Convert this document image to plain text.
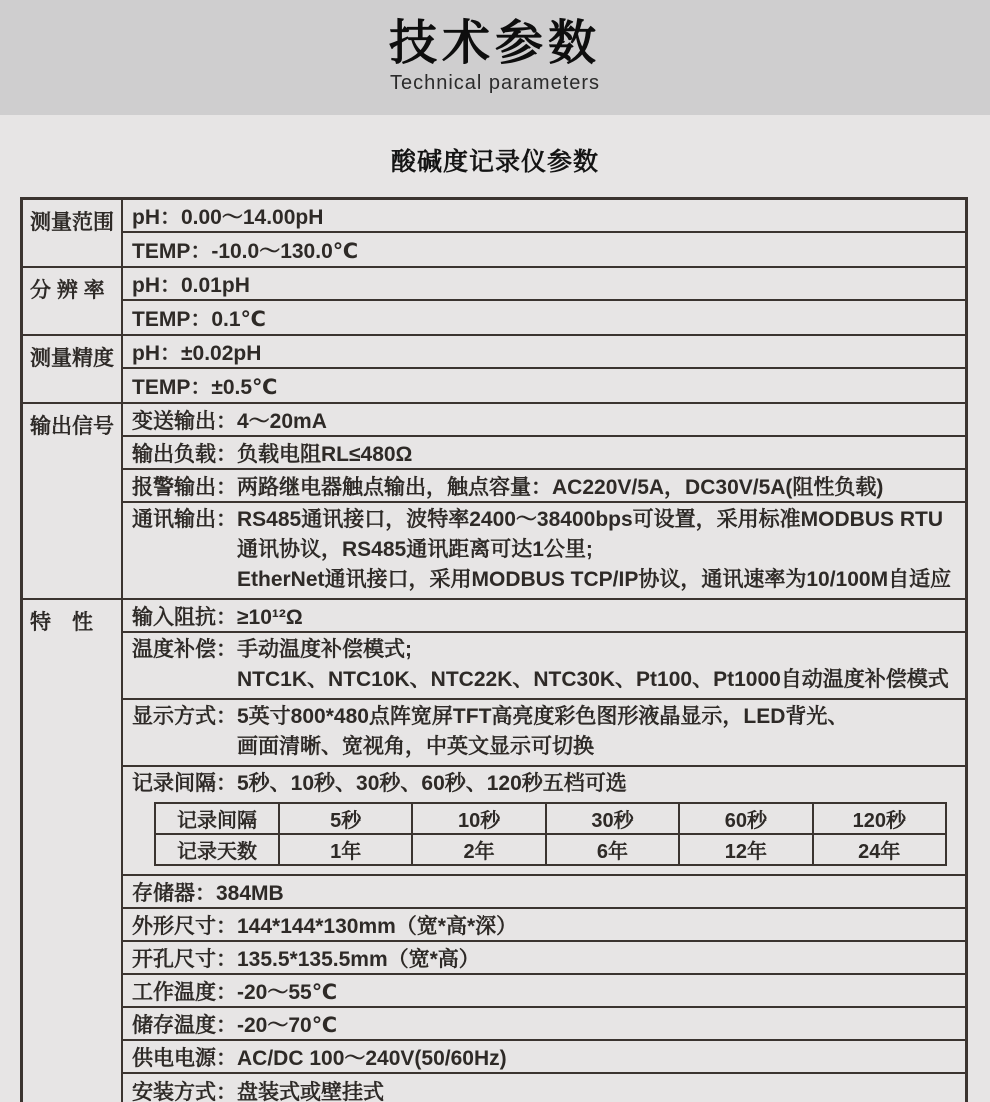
技术参数
Technical parameters
酸碱度记录仪参数
测量范围 pH：0.00～14.00pH
TEMP：-10.0～130.0℃
分 辨 率	pH：0.01pH
TEMP：0.1℃
测量精度 pH：±0.02pH
TEMP：±0.5℃
输出信号 变送输出：4～20mA
输出负载：负载电阻RL≤480Ω
报警输出：两路继电器触点输出，触点容量：AC220V/5A，DC30V/5A(阻性负载)
通讯输出： RS485通讯接口，波特率2400～38400bps可设置，采用标准MODBUS RTU
通讯协议，RS485通讯距离可达1公里;
EtherNet通讯接口，采用MODBUS TCP/IP协议，通讯速率为10/100M自适应
特　性	输入阻抗：≥10¹²Ω
温度补偿： 手动温度补偿模式;
NTC1K、NTC10K、NTC22K、NTC30K、Pt100、Pt1000自动温度补偿模式
显示方式： 5英寸800*480点阵宽屏TFT高亮度彩色图形液晶显示，LED背光、
画面清晰、宽视角，中英文显示可切换
记录间隔：5秒、10秒、30秒、60秒、120秒五档可选
记录间隔	5秒	10秒	30秒	60秒	120秒
记录天数	1年	2年	6年	12年	24年
存储器：384MB
外形尺寸：144*144*130mm（宽*高*深）
开孔尺寸：135.5*135.5mm（宽*高）
工作温度：-20～55℃
储存温度：-20～70℃
供电电源：AC/DC 100～240V(50/60Hz)
安装方式：盘装式或壁挂式
